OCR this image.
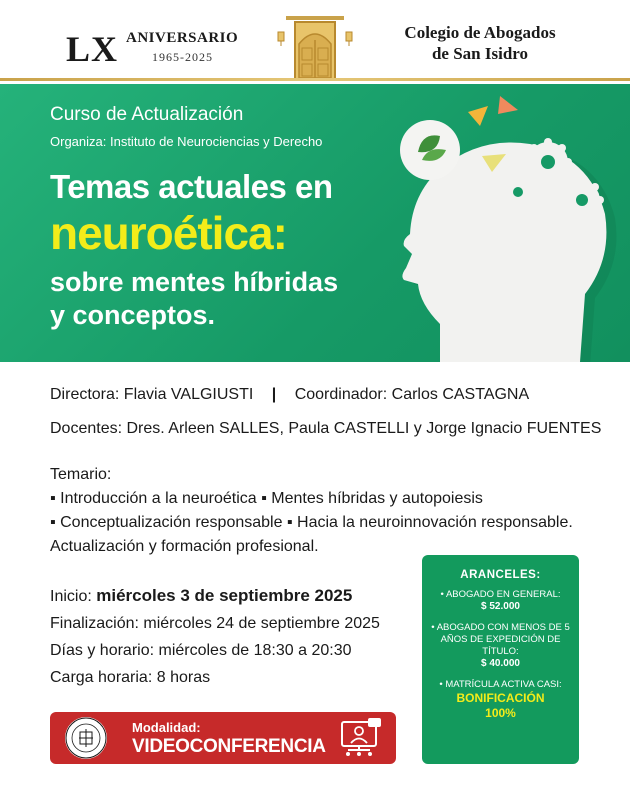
LX ANIVERSARIO
1965-2025
Colegio de Abogados
de San Isidro
Curso de Actualización
Organiza: Instituto de Neurociencias y Derecho
Temas actuales en
neuroética:
sobre mentes híbridas
y conceptos.
Directora: Flavia VALGIUSTI | Coordinador: Carlos CASTAGNA
Docentes: Dres. Arleen SALLES, Paula CASTELLI y Jorge Ignacio FUENTES
Temario:
▪ Introducción a la neuroética ▪ Mentes híbridas y autopoiesis
▪ Conceptualización responsable ▪ Hacia la neuroinnovación responsable.
Actualización y formación profesional.
Inicio: miércoles 3 de septiembre 2025
Finalización: miércoles 24 de septiembre 2025
Días y horario: miércoles de 18:30 a 20:30
Carga horaria: 8 horas
ARANCELES:
• ABOGADO EN GENERAL:
$ 52.000
• ABOGADO CON MENOS DE 5 AÑOS DE EXPEDICIÓN DE TÍTULO:
$ 40.000
• MATRÍCULA ACTIVA CASI:
BONIFICACIÓN
100%
Modalidad:
VIDEOCONFERENCIA
